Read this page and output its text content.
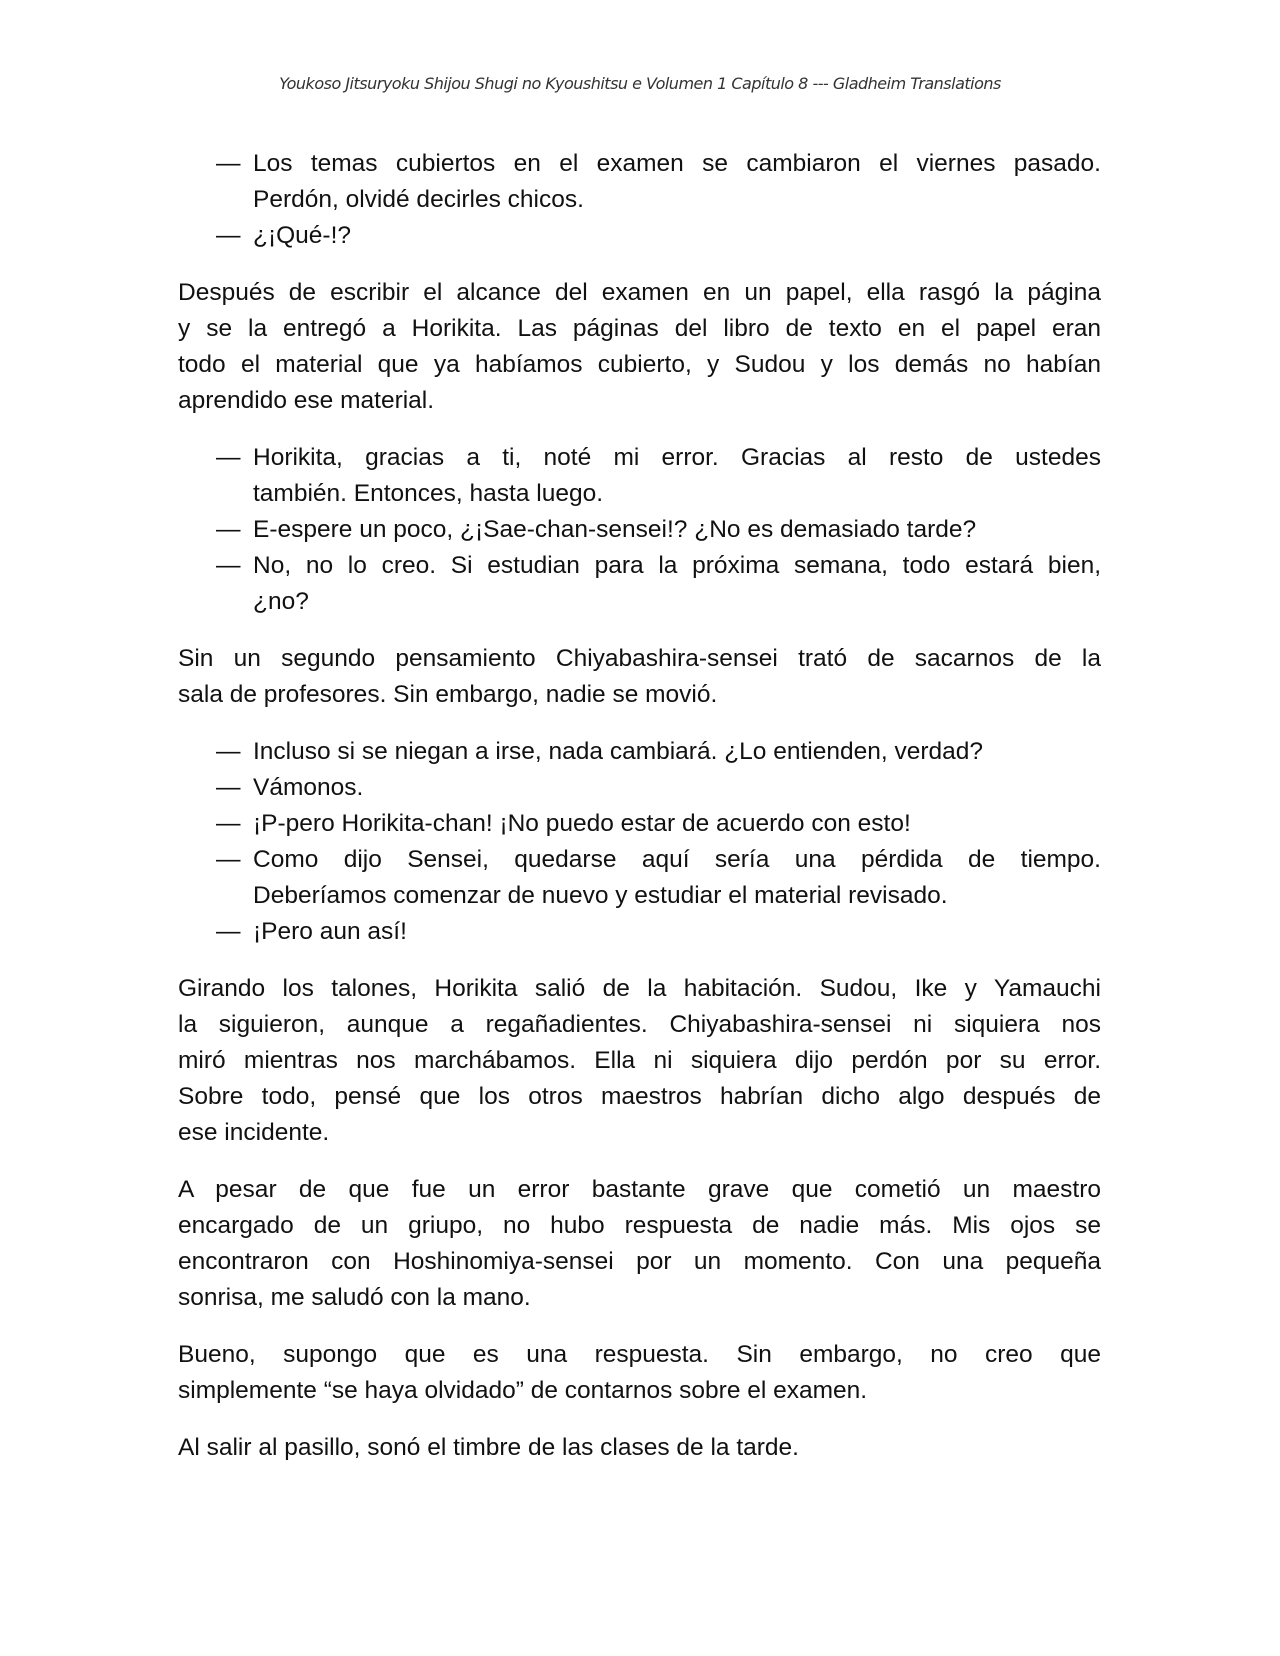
Youkoso Jitsuryoku Shijou Shugi no Kyoushitsu e Volumen 1 Capítulo 8 --- Gladheim Translations
— Los temas cubiertos en el examen se cambiaron el viernes pasado.
Perdón, olvidé decirles chicos.
— ¿¡Qué-!?
Después de escribir el alcance del examen en un papel, ella rasgó la página
y se la entregó a Horikita. Las páginas del libro de texto en el papel eran
todo el material que ya habíamos cubierto, y Sudou y los demás no habían
aprendido ese material.
— Horikita, gracias a ti, noté mi error. Gracias al resto de ustedes
también. Entonces, hasta luego.
— E-espere un poco, ¿¡Sae-chan-sensei!? ¿No es demasiado tarde?
— No, no lo creo. Si estudian para la próxima semana, todo estará bien,
¿no?
Sin un segundo pensamiento Chiyabashira-sensei trató de sacarnos de la
sala de profesores. Sin embargo, nadie se movió.
— Incluso si se niegan a irse, nada cambiará. ¿Lo entienden, verdad?
— Vámonos.
— ¡P-pero Horikita-chan! ¡No puedo estar de acuerdo con esto!
— Como dijo Sensei, quedarse aquí sería una pérdida de tiempo.
Deberíamos comenzar de nuevo y estudiar el material revisado.
— ¡Pero aun así!
Girando los talones, Horikita salió de la habitación. Sudou, Ike y Yamauchi
la siguieron, aunque a regañadientes. Chiyabashira-sensei ni siquiera nos
miró mientras nos marchábamos. Ella ni siquiera dijo perdón por su error.
Sobre todo, pensé que los otros maestros habrían dicho algo después de
ese incidente.
A pesar de que fue un error bastante grave que cometió un maestro
encargado de un griupo, no hubo respuesta de nadie más. Mis ojos se
encontraron con Hoshinomiya-sensei por un momento. Con una pequeña
sonrisa, me saludó con la mano.
Bueno, supongo que es una respuesta. Sin embargo, no creo que
simplemente “se haya olvidado” de contarnos sobre el examen.
Al salir al pasillo, sonó el timbre de las clases de la tarde.
